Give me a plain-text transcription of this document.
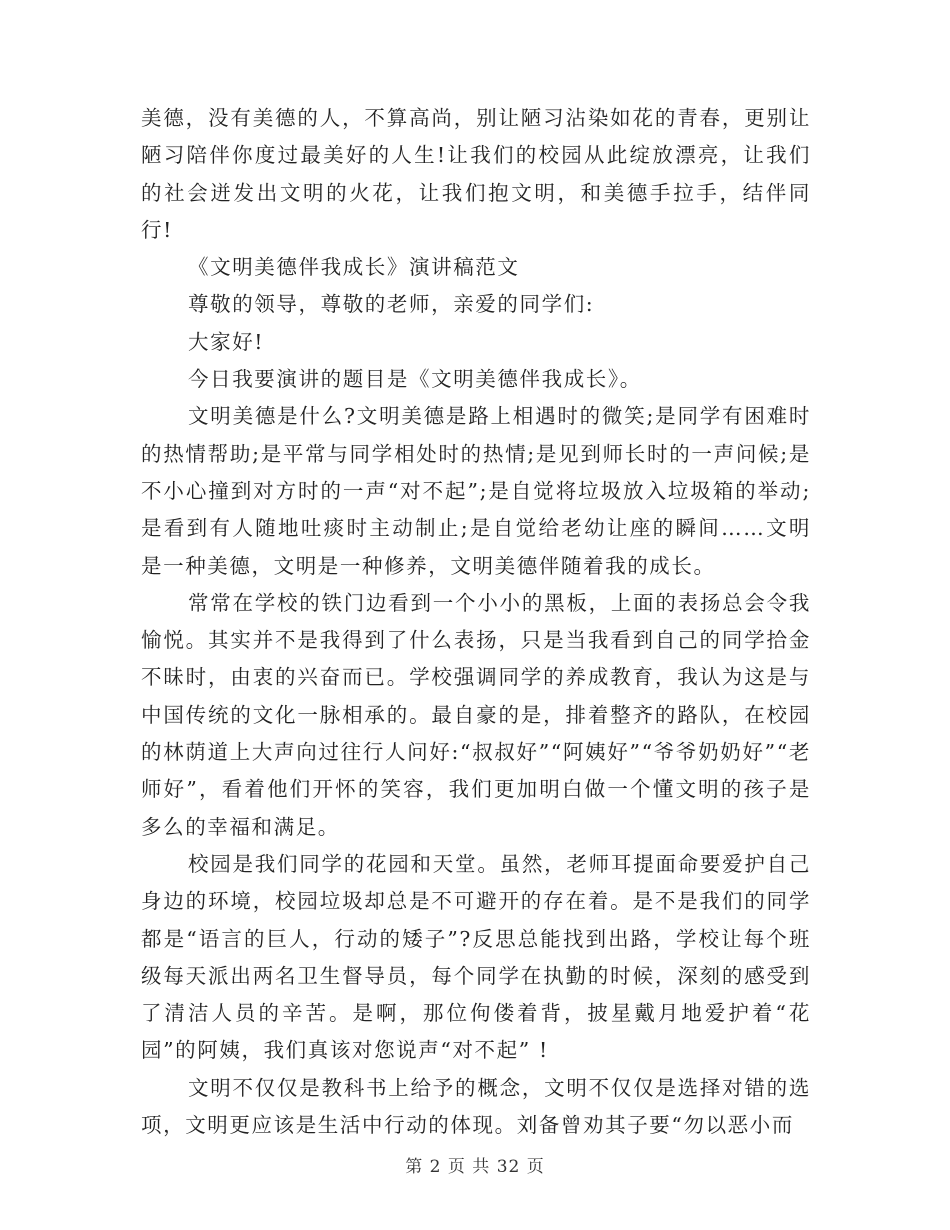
美德，没有美德的人，不算高尚，别让陋习沾染如花的青春，更别让陋习陪伴你度过最美好的人生!让我们的校园从此绽放漂亮，让我们的社会迸发出文明的火花，让我们抱文明，和美德手拉手，结伴同行!

《文明美德伴我成长》演讲稿范文

尊敬的领导，尊敬的老师，亲爱的同学们:

大家好!

今日我要演讲的题目是《文明美德伴我成长》。

文明美德是什么?文明美德是路上相遇时的微笑;是同学有困难时的热情帮助;是平常与同学相处时的热情;是见到师长时的一声问候;是不小心撞到对方时的一声“对不起”;是自觉将垃圾放入垃圾箱的举动;是看到有人随地吐痰时主动制止;是自觉给老幼让座的瞬间……文明是一种美德，文明是一种修养，文明美德伴随着我的成长。

常常在学校的铁门边看到一个小小的黑板，上面的表扬总会令我愉悦。其实并不是我得到了什么表扬，只是当我看到自己的同学拾金不昧时，由衷的兴奋而已。学校强调同学的养成教育，我认为这是与中国传统的文化一脉相承的。最自豪的是，排着整齐的路队，在校园的林荫道上大声向过往行人问好:“叔叔好”“阿姨好”“爷爷奶奶好”“老师好”，看着他们开怀的笑容，我们更加明白做一个懂文明的孩子是多么的幸福和满足。

校园是我们同学的花园和天堂。虽然，老师耳提面命要爱护自己身边的环境，校园垃圾却总是不可避开的存在着。是不是我们的同学都是“语言的巨人，行动的矮子”?反思总能找到出路，学校让每个班级每天派出两名卫生督导员，每个同学在执勤的时候，深刻的感受到了清洁人员的辛苦。是啊，那位佝偻着背，披星戴月地爱护着“花园”的阿姨，我们真该对您说声“对不起” !

文明不仅仅是教科书上给予的概念，文明不仅仅是选择对错的选项，文明更应该是生活中行动的体现。刘备曾劝其子要“勿以恶小而

第 2 页 共 32 页
